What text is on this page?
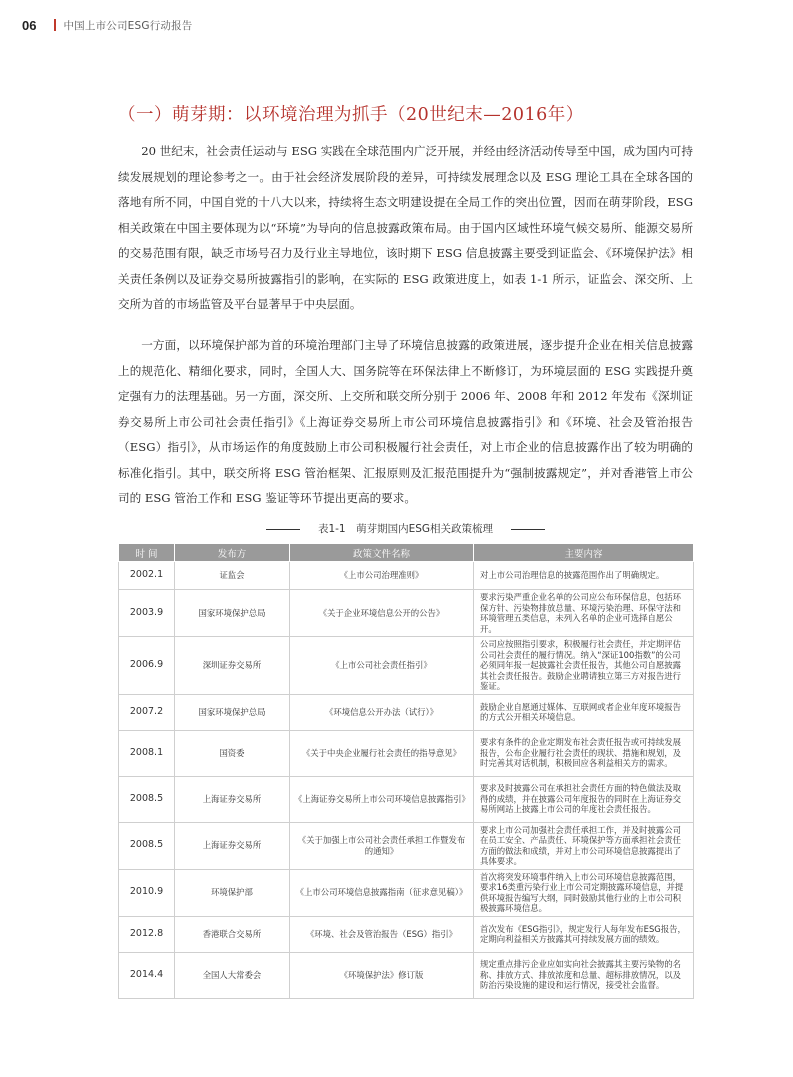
06	中国上市公司ESG行动报告
（一）萌芽期：以环境治理为抓手（20世纪末—2016年）

20 世纪末，社会责任运动与 ESG 实践在全球范围内广泛开展，并经由经济活动传导至中国，成为国内可持续发展规划的理论参考之一。由于社会经济发展阶段的差异，可持续发展理念以及 ESG 理论工具在全球各国的落地有所不同，中国自党的十八大以来，持续将生态文明建设提在全局工作的突出位置，因而在萌芽阶段，ESG 相关政策在中国主要体现为以“环境”为导向的信息披露政策布局。由于国内区域性环境气候交易所、能源交易所的交易范围有限，缺乏市场号召力及行业主导地位，该时期下 ESG 信息披露主要受到证监会、《环境保护法》相关责任条例以及证券交易所披露指引的影响，在实际的 ESG 政策进度上，如表 1-1 所示，证监会、深交所、上交所为首的市场监管及平台显著早于中央层面。

一方面，以环境保护部为首的环境治理部门主导了环境信息披露的政策进展，逐步提升企业在相关信息披露上的规范化、精细化要求，同时，全国人大、国务院等在环保法律上不断修订，为环境层面的 ESG 实践提升奠定强有力的法理基础。另一方面，深交所、上交所和联交所分别于 2006 年、2008 年和 2012 年发布《深圳证券交易所上市公司社会责任指引》《上海证券交易所上市公司环境信息披露指引》和《环境、社会及管治报告（ESG）指引》，从市场运作的角度鼓励上市公司积极履行社会责任，对上市企业的信息披露作出了较为明确的标准化指引。其中，联交所将 ESG 管治框架、汇报原则及汇报范围提升为“强制披露规定”，并对香港管上市公司的 ESG 管治工作和 ESG 鉴证等环节提出更高的要求。

表1-1　萌芽期国内ESG相关政策梳理
时 间	发布方	政策文件名称	主要内容
2002.1	证监会	《上市公司治理准则》	对上市公司治理信息的披露范围作出了明确规定。
2003.9	国家环境保护总局	《关于企业环境信息公开的公告》	要求污染严重企业名单的公司应公布环保信息，包括环保方针、污染物排放总量、环境污染治理、环保守法和环境管理五类信息，未列入名单的企业可选择自愿公开。
2006.9	深圳证券交易所	《上市公司社会责任指引》	公司应按照指引要求，积极履行社会责任，并定期评估公司社会责任的履行情况。纳入“深证100指数”的公司必须同年报一起披露社会责任报告，其他公司自愿披露其社会责任报告。鼓励企业聘请独立第三方对报告进行鉴证。
2007.2	国家环境保护总局	《环境信息公开办法（试行）》	鼓励企业自愿通过媒体、互联网或者企业年度环境报告的方式公开相关环境信息。
2008.1	国资委	《关于中央企业履行社会责任的指导意见》	要求有条件的企业定期发布社会责任报告或可持续发展报告，公布企业履行社会责任的现状、措施和规划，及时完善其对话机制，积极回应各利益相关方的需求。
2008.5	上海证券交易所	《上海证券交易所上市公司环境信息披露指引》	要求及时披露公司在承担社会责任方面的特色做法及取得的成绩，并在披露公司年度报告的同时在上海证券交易所网站上披露上市公司的年度社会责任报告。
2008.5	上海证券交易所	《关于加强上市公司社会责任承担工作暨发布的通知》	要求上市公司加强社会责任承担工作，并及时披露公司在员工安全、产品责任、环境保护等方面承担社会责任方面的做法和成绩，并对上市公司环境信息披露提出了具体要求。
2010.9	环境保护部	《上市公司环境信息披露指南（征求意见稿）》	首次将突发环境事件纳入上市公司环境信息披露范围，要求16类重污染行业上市公司定期披露环境信息，并提供环境报告编写大纲，同时鼓励其他行业的上市公司积极披露环境信息。
2012.8	香港联合交易所	《环境、社会及管治报告（ESG）指引》	首次发布《ESG指引》，规定发行人每年发布ESG报告，定期向利益相关方披露其可持续发展方面的绩效。
2014.4	全国人大常委会	《环境保护法》修订版	规定重点排污企业应如实向社会披露其主要污染物的名称、排放方式、排放浓度和总量、超标排放情况，以及防治污染设施的建设和运行情况，接受社会监督。
